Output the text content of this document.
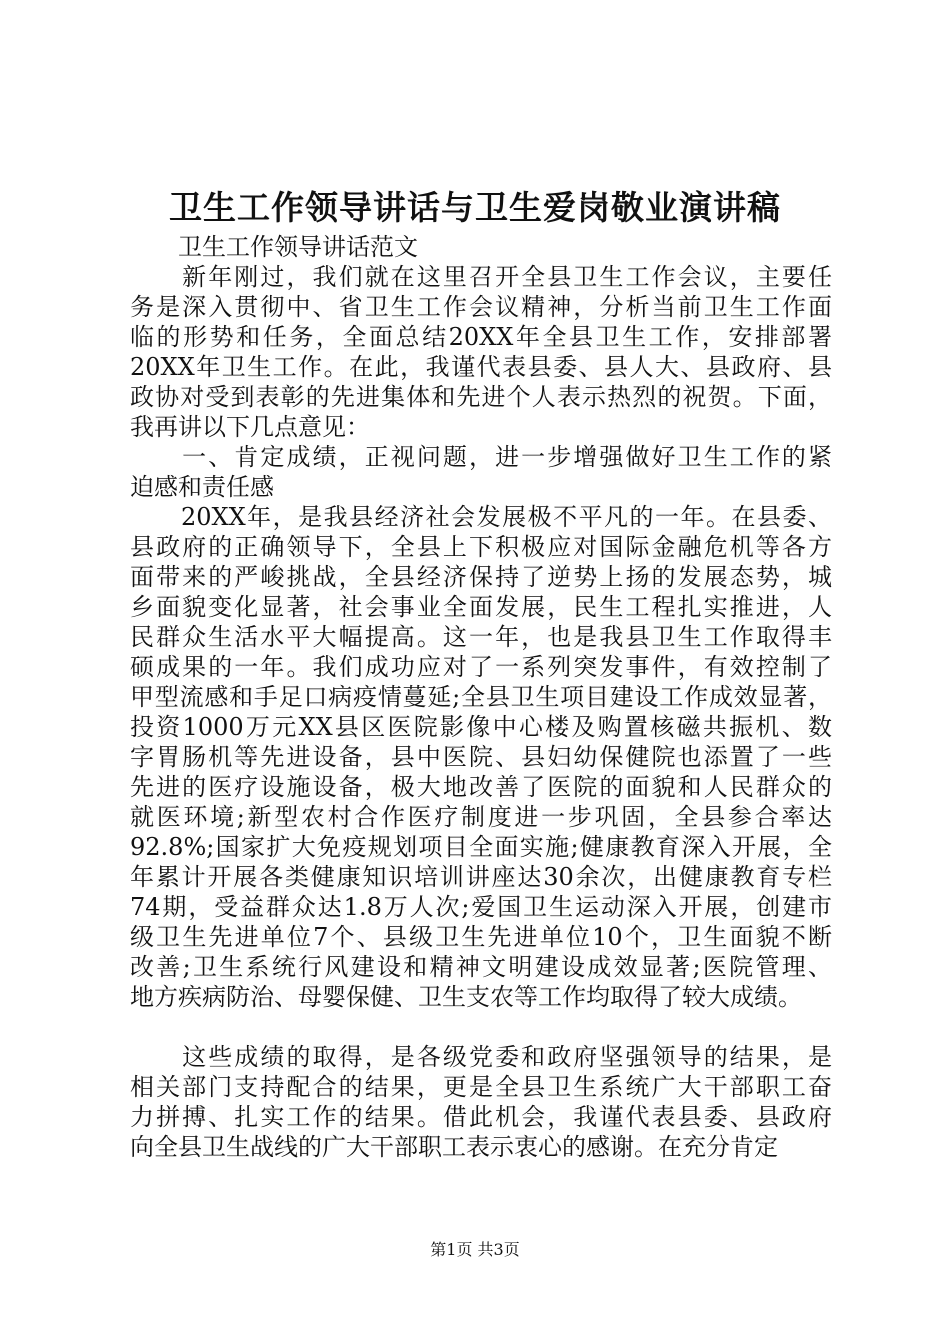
卫生工作领导讲话与卫生爱岗敬业演讲稿
　　卫生工作领导讲话范文
　　新年刚过，我们就在这里召开全县卫生工作会议，主要任
务是深入贯彻中、省卫生工作会议精神，分析当前卫生工作面
临的形势和任务，全面总结20XX年全县卫生工作，安排部署
20XX年卫生工作。在此，我谨代表县委、县人大、县政府、县
政协对受到表彰的先进集体和先进个人表示热烈的祝贺。下面，
我再讲以下几点意见：
　　一、肯定成绩，正视问题，进一步增强做好卫生工作的紧
迫感和责任感
　　20XX年，是我县经济社会发展极不平凡的一年。在县委、
县政府的正确领导下，全县上下积极应对国际金融危机等各方
面带来的严峻挑战，全县经济保持了逆势上扬的发展态势，城
乡面貌变化显著，社会事业全面发展，民生工程扎实推进，人
民群众生活水平大幅提高。这一年，也是我县卫生工作取得丰
硕成果的一年。我们成功应对了一系列突发事件，有效控制了
甲型流感和手足口病疫情蔓延;全县卫生项目建设工作成效显著，
投资1000万元XX县区医院影像中心楼及购置核磁共振机、数
字胃肠机等先进设备，县中医院、县妇幼保健院也添置了一些
先进的医疗设施设备，极大地改善了医院的面貌和人民群众的
就医环境;新型农村合作医疗制度进一步巩固，全县参合率达
92.8%;国家扩大免疫规划项目全面实施;健康教育深入开展，全
年累计开展各类健康知识培训讲座达30余次，出健康教育专栏
74期，受益群众达1.8万人次;爱国卫生运动深入开展，创建市
级卫生先进单位7个、县级卫生先进单位10个，卫生面貌不断
改善;卫生系统行风建设和精神文明建设成效显著;医院管理、
地方疾病防治、母婴保健、卫生支农等工作均取得了较大成绩。
　　这些成绩的取得，是各级党委和政府坚强领导的结果，是
相关部门支持配合的结果，更是全县卫生系统广大干部职工奋
力拼搏、扎实工作的结果。借此机会，我谨代表县委、县政府
向全县卫生战线的广大干部职工表示衷心的感谢。在充分肯定
第1页 共3页
